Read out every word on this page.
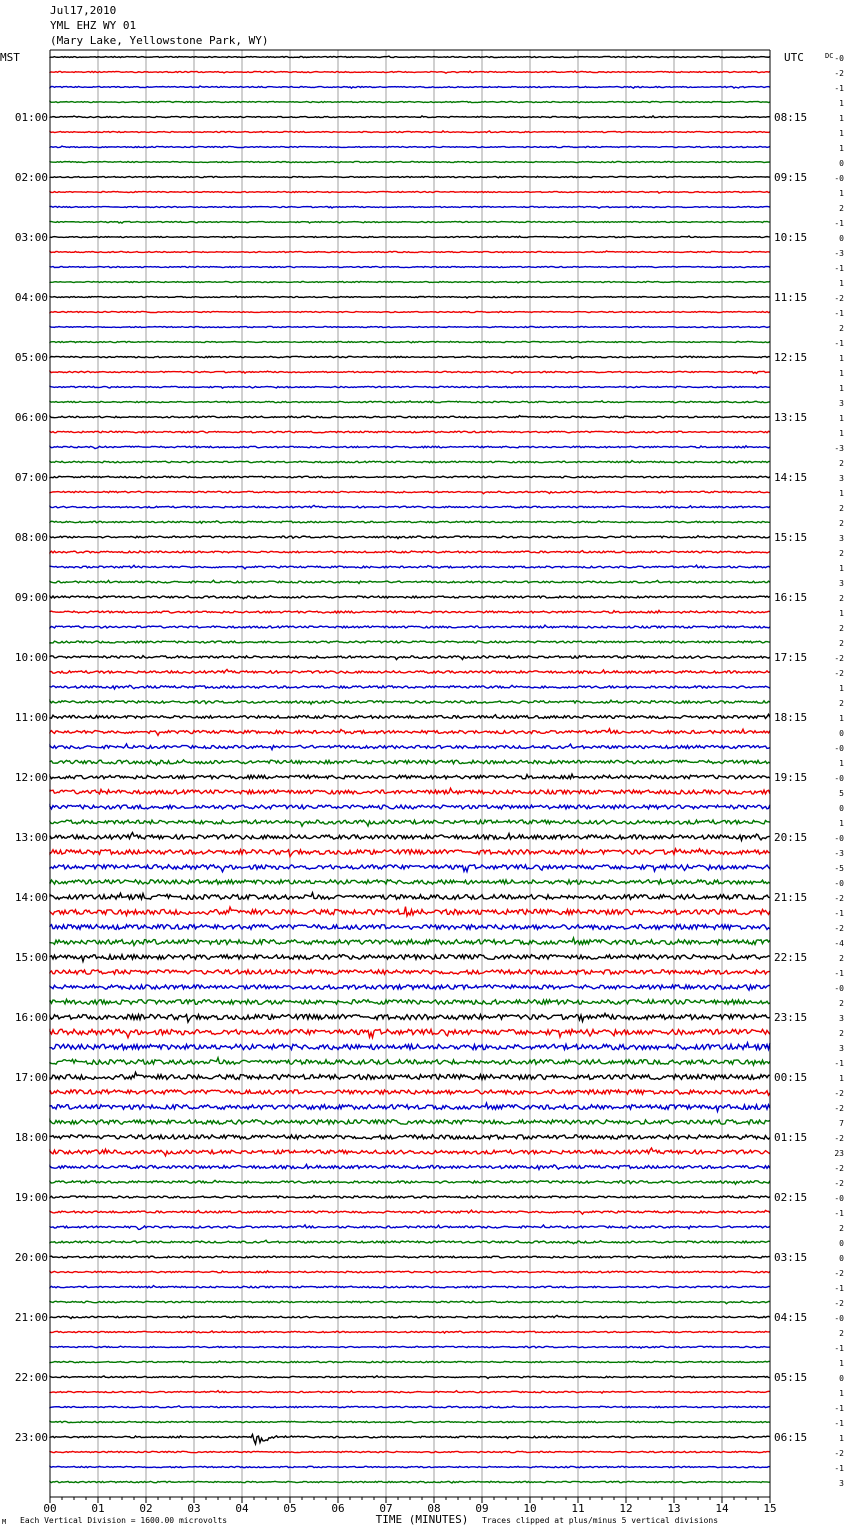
Jul17,2010
YML EHZ WY 01
(Mary Lake, Yellowstone Park, WY)
-0
-2
-1
1
1
1
1
0
-0
1
2
-1
0
-3
-1
1
-2
-1
2
-1
1
1
1
3
1
1
-3
2
3
1
2
2
3
2
1
3
2
1
2
2
-2
-2
1
2
1
0
-0
1
-0
5
0
1
-0
-3
-5
-0
-2
-1
-2
-4
2
-1
-0
2
3
2
3
-1
1
-2
-2
7
-2
23
-2
-2
-0
-1
2
0
0
-2
-1
-2
-0
2
-1
1
0
1
-1
-1
1
-2
-1
3
MST	UTC	DC
01:00	08:15
02:00	09:15
03:00	10:15
04:00	11:15
05:00	12:15
06:00	13:15
07:00	14:15
08:00	15:15
09:00	16:15
10:00	17:15
11:00	18:15
12:00	19:15
13:00	20:15
14:00	21:15
15:00	22:15
16:00	23:15
17:00	00:15
18:00	01:15
19:00	02:15
20:00	03:15
21:00	04:15
22:00	05:15
23:00	06:15
00	01	02	03	04	05	06	07	08	09	10	11	12	13	14	15
TIME (MINUTES)
M Each Vertical Division = 1600.00 microvolts	Traces clipped at plus/minus 5 vertical divisions
